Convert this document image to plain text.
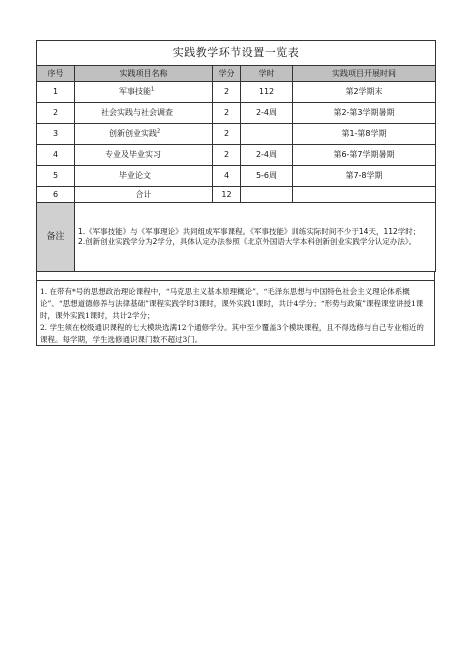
实践教学环节设置一览表				
序号	实践项目名称	学分	学时	实践项目开展时间
1	军事技能$^1$	2	112	第2学期末
2	社会实践与社会调查	2	2-4周	第2-第3学期暑期
3	创新创业实践$^2$	2		第1-第8学期
4	专业及毕业实习	2	2-4周	第6-第7学期暑期
5	毕业论文	4	5-6周	第7-8学期
6	合计	12		
备注	1.《军事技能》与《军事理论》共同组成军事课程。《军事技能》训练实际时间不少于14天，112学时；
2.创新创业实践学分为2学分，具体认定办法参照《北京外国语大学本科创新创业实践学分认定办法》。			
1. 在带有*号的思想政治理论课程中，“马克思主义基本原理概论”、“毛泽东思想与中国特色社会主义理论体系概论”、“思想道德修养与法律基础”课程实践学时3课时，课外实践1课时，共计4学分；“形势与政策”课程课堂讲授1课时，课外实践1课时，共计2学分；
2. 学生须在校级通识课程的七大模块选满12个通修学分。其中至少覆盖3个模块课程，且不得选修与自己专业相近的课程。每学期，学生选修通识课门数不超过3门。
